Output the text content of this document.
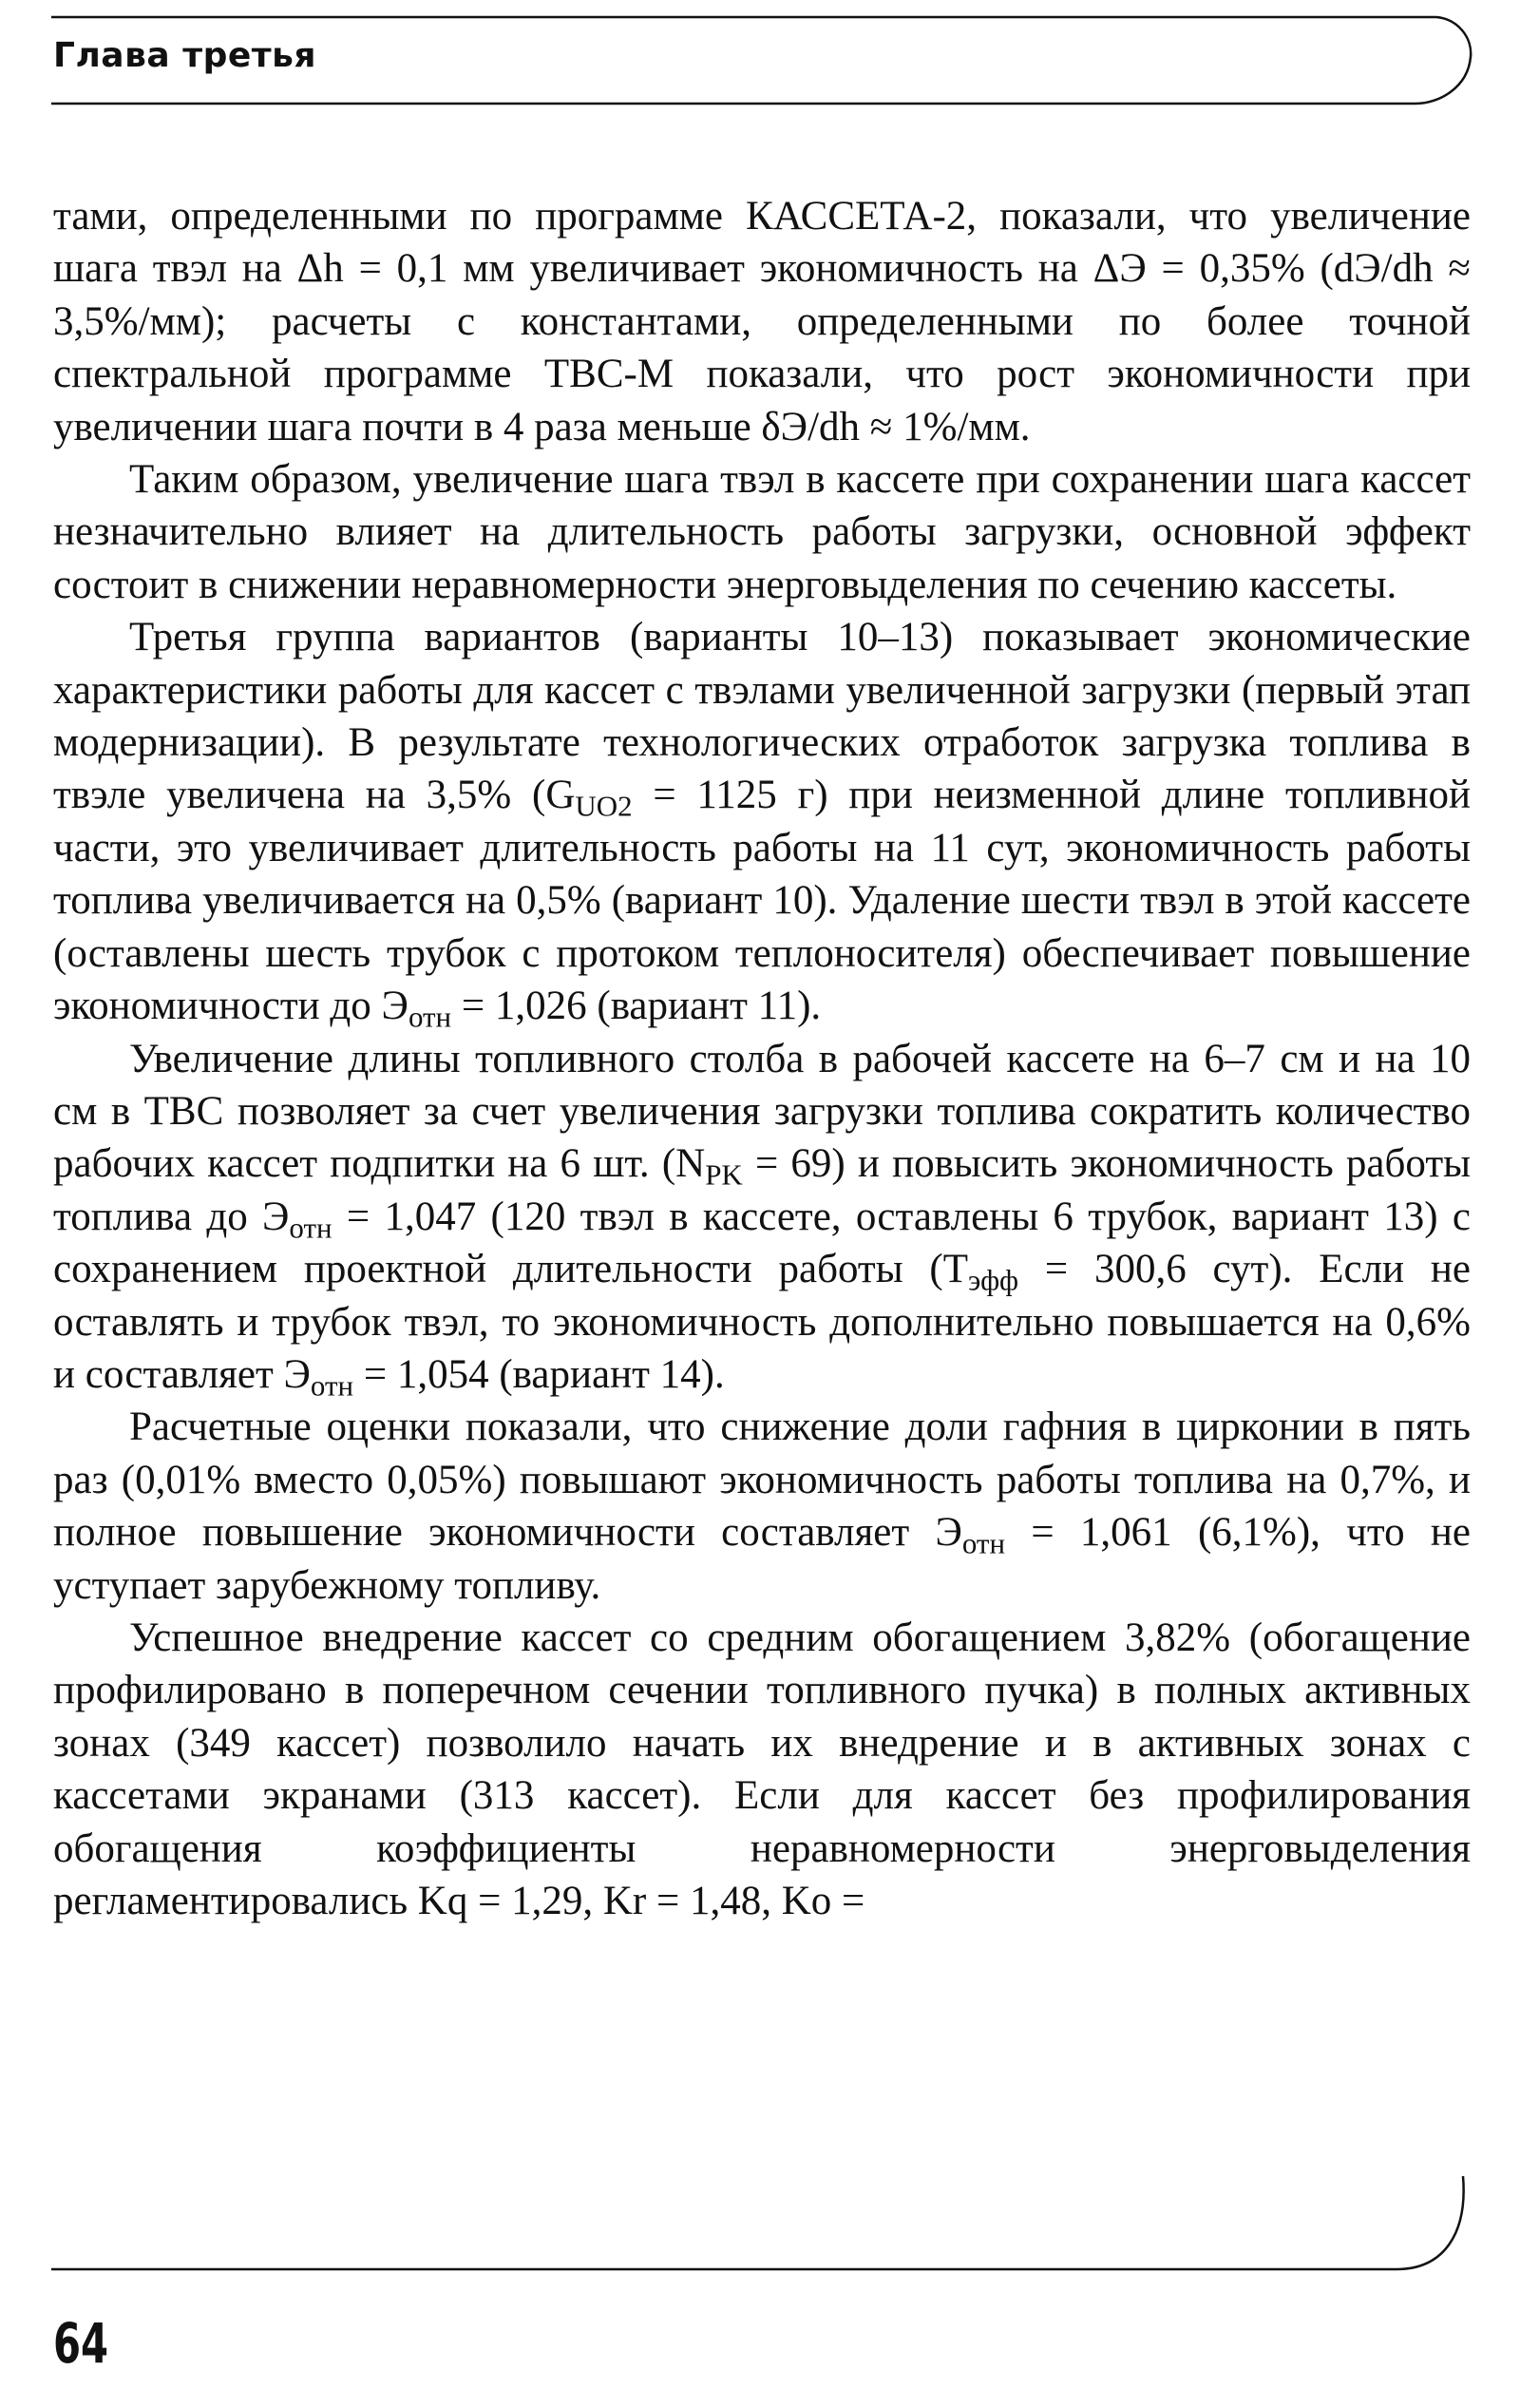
Глава третья

тами, определенными по программе КАССЕТА-2, показали, что увеличение шага твэл на Δh = 0,1 мм увеличивает экономичность на ΔЭ = 0,35% (dЭ/dh ≈ 3,5%/мм); расчеты с константами, определенными по более точной спектральной программе ТВС-М показали, что рост экономичности при увеличении шага почти в 4 раза меньше δЭ/dh ≈ 1%/мм.

Таким образом, увеличение шага твэл в кассете при сохранении шага кассет незначительно влияет на длительность работы загрузки, основной эффект состоит в снижении неравномерности энерговыделения по сечению кассеты.

Третья группа вариантов (варианты 10–13) показывает экономические характеристики работы для кассет с твэлами увеличенной загрузки (первый этап модернизации). В результате технологических отработок загрузка топлива в твэле увеличена на 3,5% ($G_{UO2} = 1125$ г) при неизменной длине топливной части, это увеличивает длительность работы на 11 сут, экономичность работы топлива увеличивается на 0,5% (вариант 10). Удаление шести твэл в этой кассете (оставлены шесть трубок с протоком теплоносителя) обеспечивает повышение экономичности до $Э_{отн} = 1,026$ (вариант 11).

Увеличение длины топливного столба в рабочей кассете на 6–7 см и на 10 см в ТВС позволяет за счет увеличения загрузки топлива сократить количество рабочих кассет подпитки на 6 шт. $(N_{PK} = 69)$ и повысить экономичность работы топлива до $Э_{отн} = 1,047$ (120 твэл в кассете, оставлены 6 трубок, вариант 13) с сохранением проектной длительности работы ($Т_{эфф} = 300,6$ сут). Если не оставлять и трубок твэл, то экономичность дополнительно повышается на 0,6% и составляет $Э_{отн} = 1,054$ (вариант 14).

Расчетные оценки показали, что снижение доли гафния в цирконии в пять раз (0,01% вместо 0,05%) повышают экономичность работы топлива на 0,7%, и полное повышение экономичности составляет $Э_{отн} = 1,061$ (6,1%), что не уступает зарубежному топливу.

Успешное внедрение кассет со средним обогащением 3,82% (обогащение профилировано в поперечном сечении топливного пучка) в полных активных зонах (349 кассет) позволило начать их внедрение и в активных зонах с кассетами экранами (313 кассет). Если для кассет без профилирования обогащения коэффициенты неравномерности энерговыделения регламентировались Kq = 1,29, Kr = 1,48, Ko =

64
